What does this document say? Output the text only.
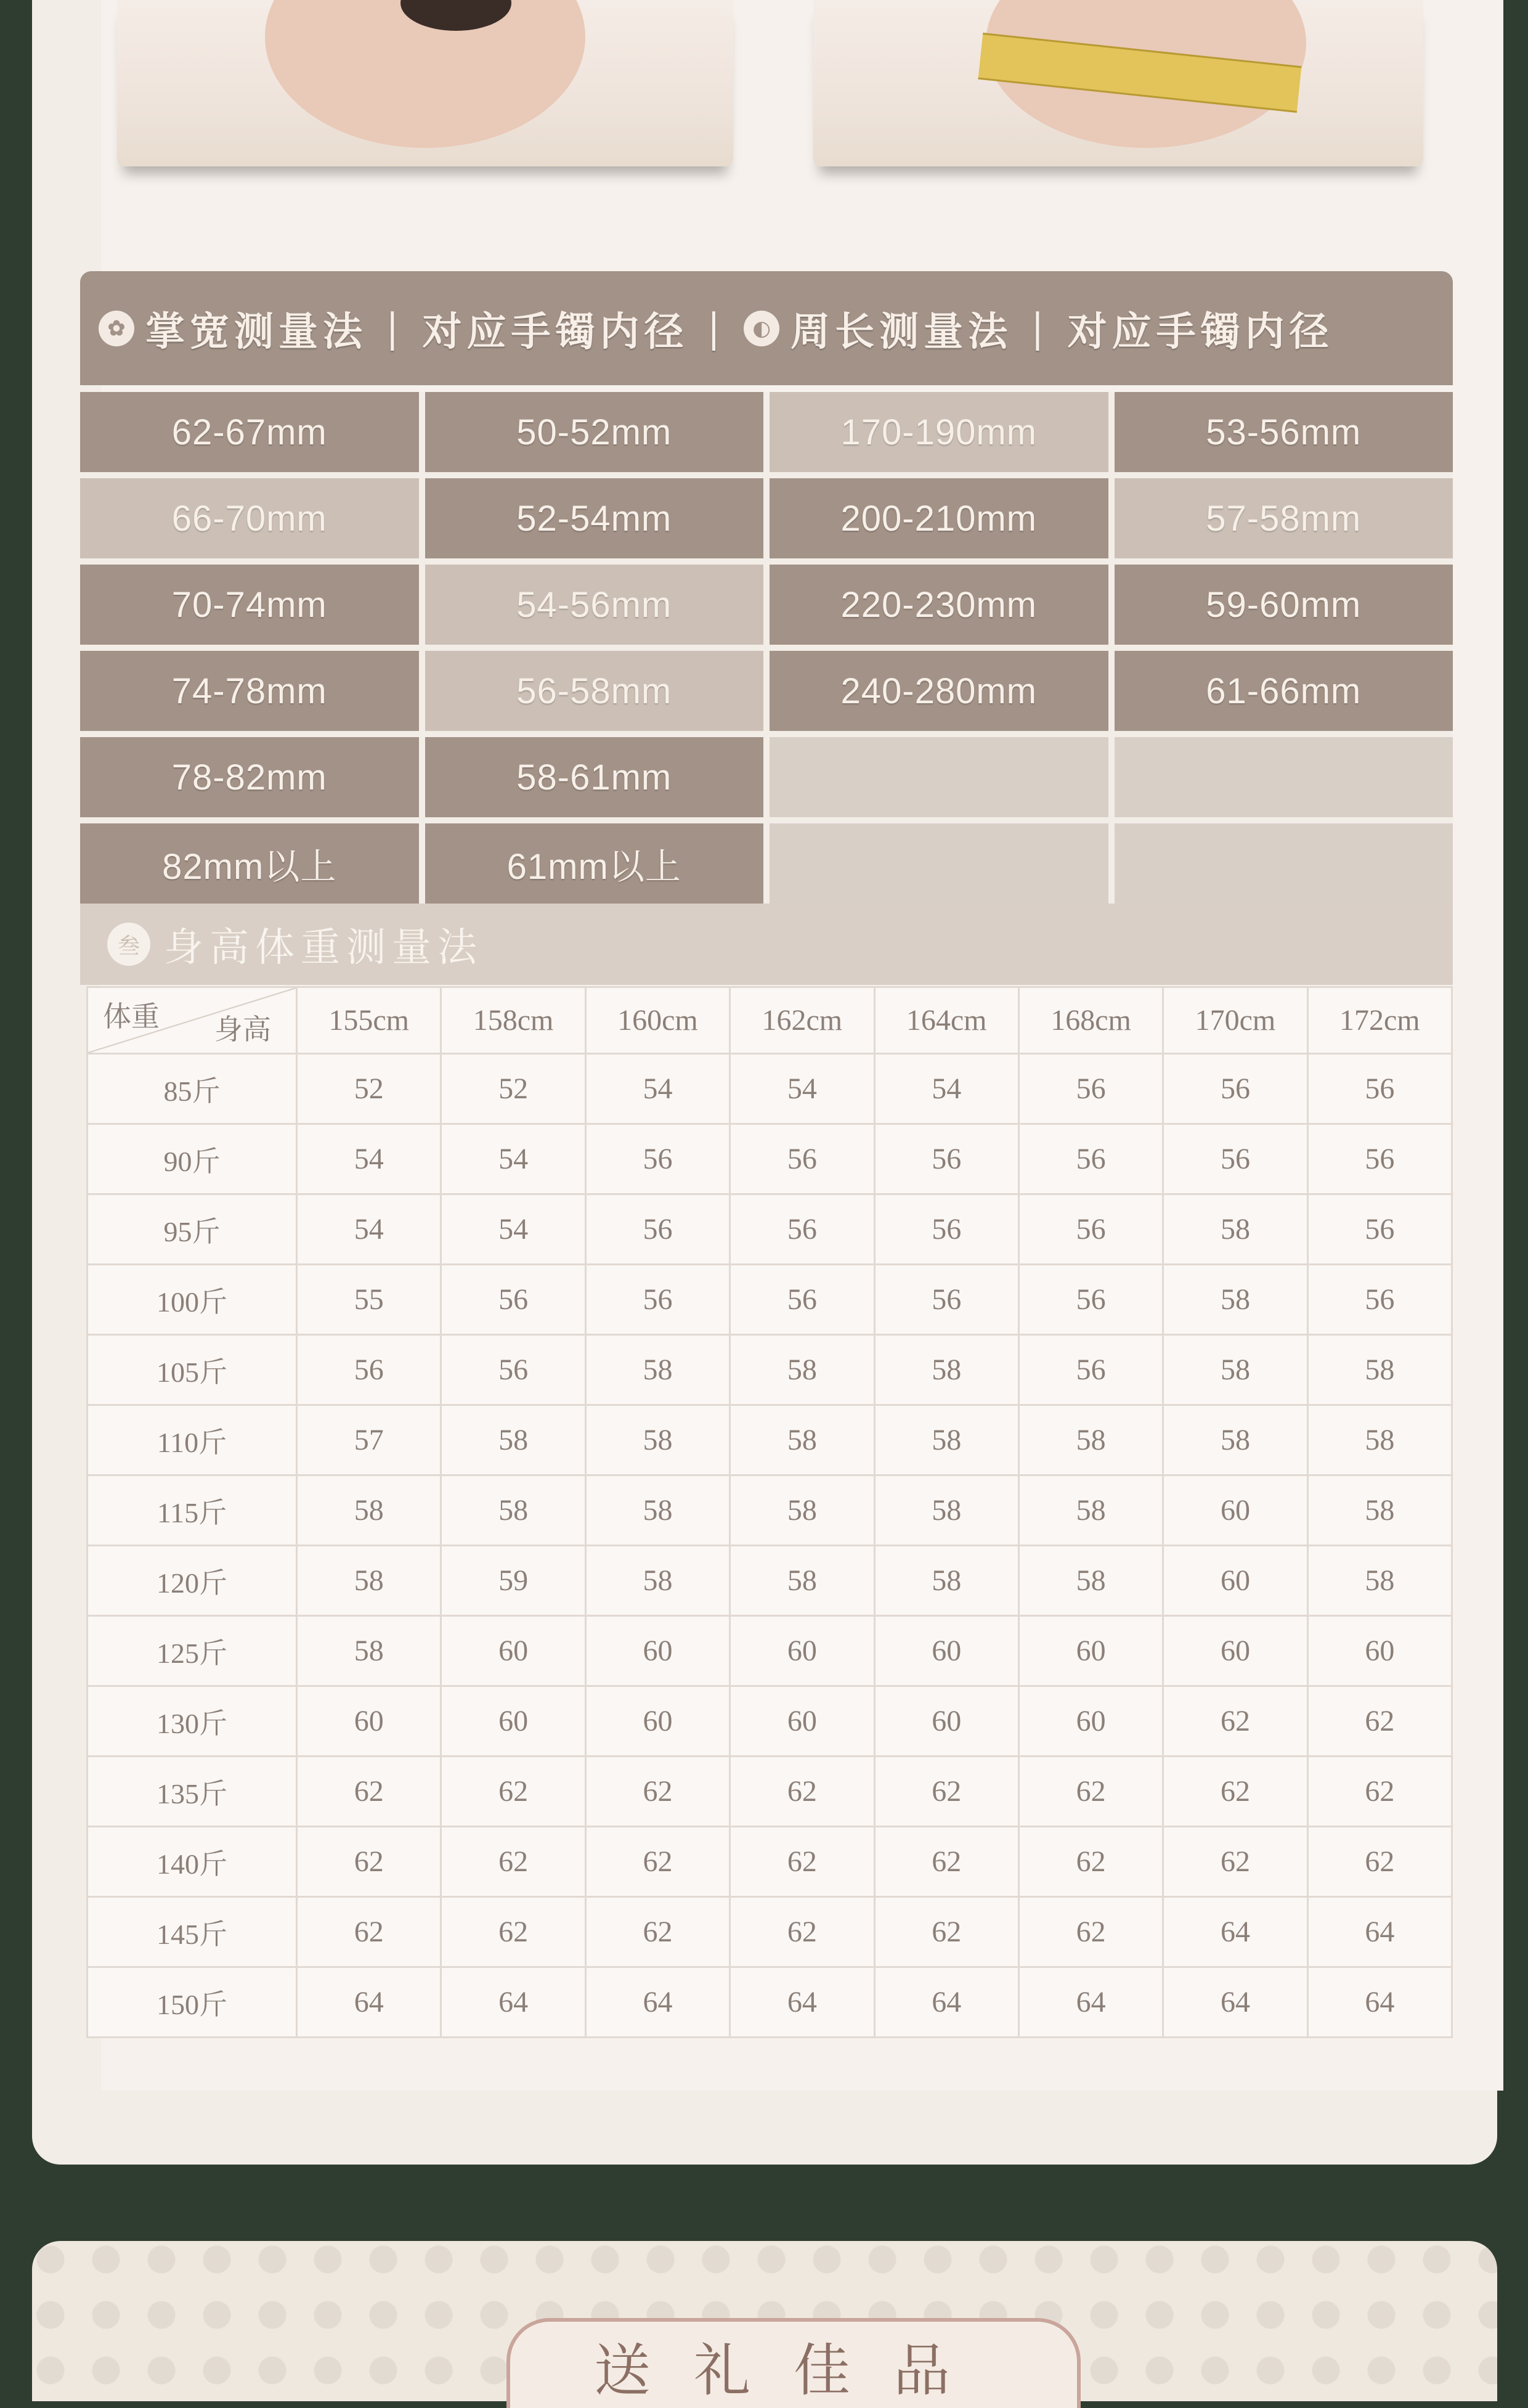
✿ 掌宽测量法 | 对应手镯内径 |	◐ 周长测量法 | 对应手镯内径
62-67mm	50-52mm	170-190mm	53-56mm
66-70mm	52-54mm	200-210mm	57-58mm
70-74mm	54-56mm	220-230mm	59-60mm
74-78mm	56-58mm	240-280mm	61-66mm
78-82mm	58-61mm
82mm以上	61mm以上
叁 身高体重测量法
体重 身高	155cm	158cm	160cm	162cm	164cm	168cm	170cm	172cm
85斤	52	52	54	54	54	56	56	56
90斤	54	54	56	56	56	56	56	56
95斤	54	54	56	56	56	56	58	56
100斤	55	56	56	56	56	56	58	56
105斤	56	56	58	58	58	56	58	58
110斤	57	58	58	58	58	58	58	58
115斤	58	58	58	58	58	58	60	58
120斤	58	59	58	58	58	58	60	58
125斤	58	60	60	60	60	60	60	60
130斤	60	60	60	60	60	60	62	62
135斤	62	62	62	62	62	62	62	62
140斤	62	62	62	62	62	62	62	62
145斤	62	62	62	62	62	62	64	64
150斤	64	64	64	64	64	64	64	64
送礼佳品
